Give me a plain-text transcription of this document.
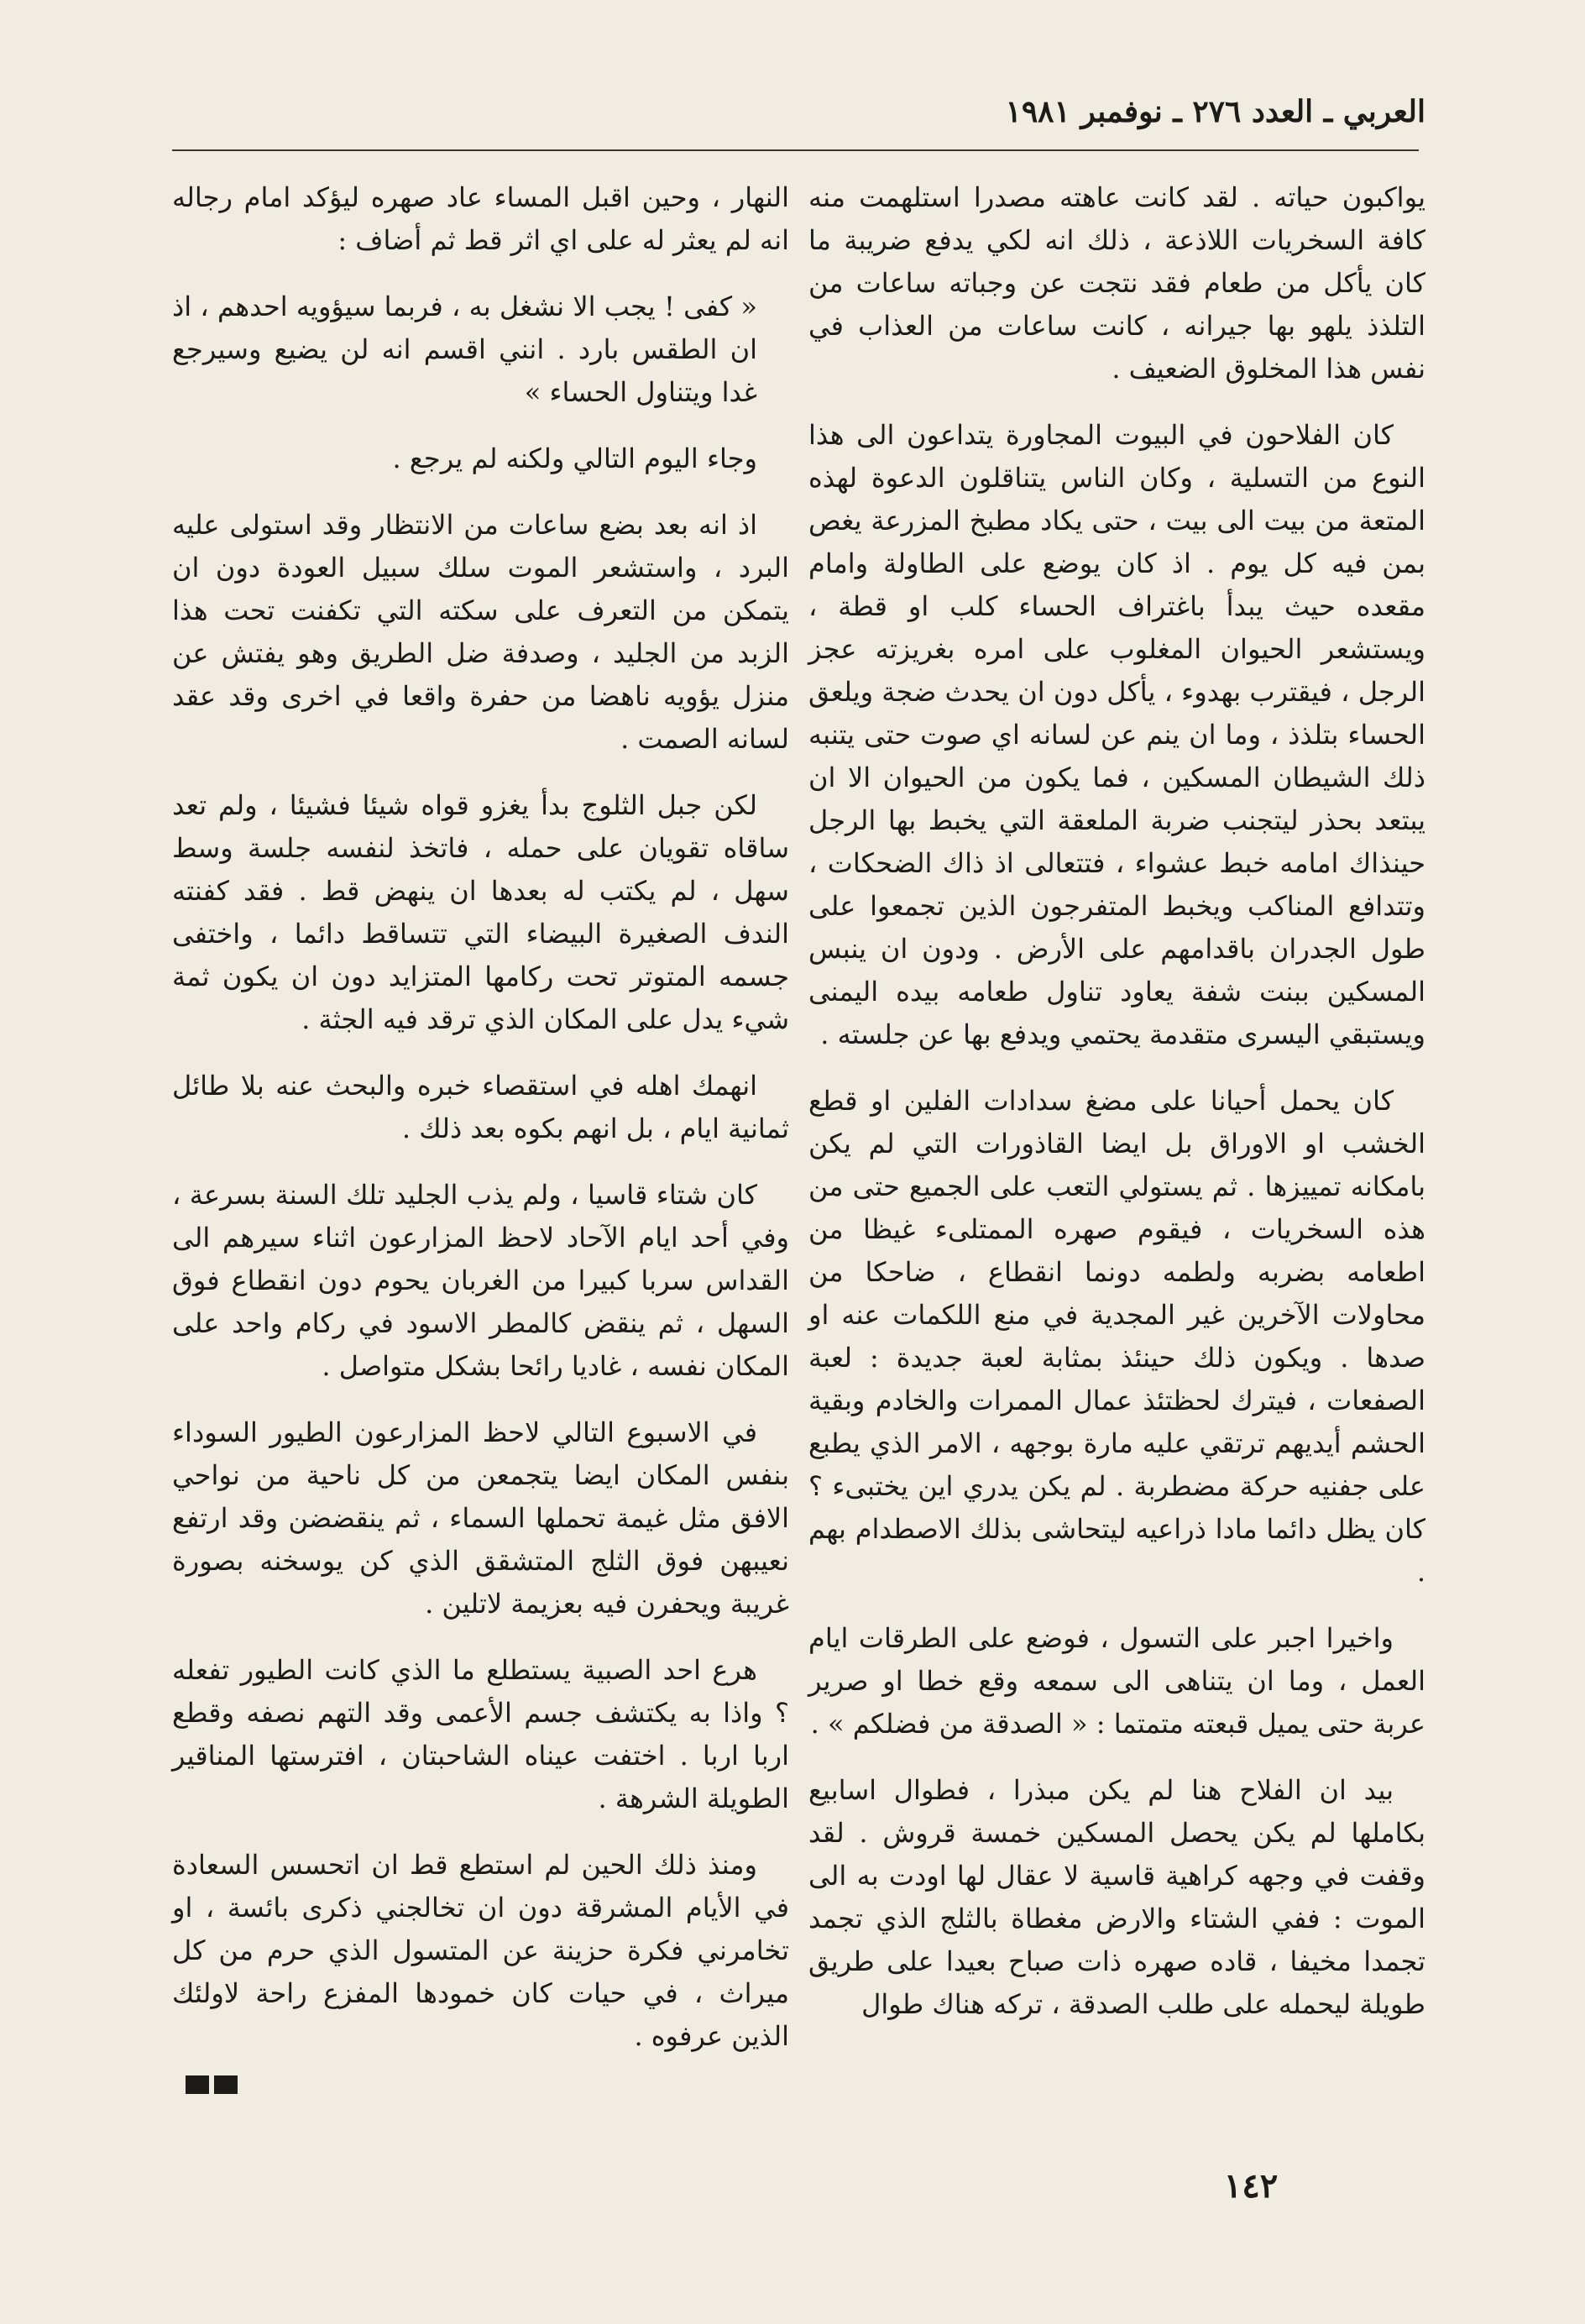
العربي ـ العدد ٢٧٦ ـ نوفمبر ١٩٨١

يواكبون حياته . لقد كانت عاهته مصدرا استلهمت منه كافة السخريات اللاذعة ، ذلك انه لكي يدفع ضريبة ما كان يأكل من طعام فقد نتجت عن وجباته ساعات من التلذذ يلهو بها جيرانه ، كانت ساعات من العذاب في نفس هذا المخلوق الضعيف .

كان الفلاحون في البيوت المجاورة يتداعون الى هذا النوع من التسلية ، وكان الناس يتناقلون الدعوة لهذه المتعة من بيت الى بيت ، حتى يكاد مطبخ المزرعة يغص بمن فيه كل يوم . اذ كان يوضع على الطاولة وامام مقعده حيث يبدأ باغتراف الحساء كلب او قطة ، ويستشعر الحيوان المغلوب على امره بغريزته عجز الرجل ، فيقترب بهدوء ، يأكل دون ان يحدث ضجة ويلعق الحساء بتلذذ ، وما ان ينم عن لسانه اي صوت حتى يتنبه ذلك الشيطان المسكين ، فما يكون من الحيوان الا ان يبتعد بحذر ليتجنب ضربة الملعقة التي يخبط بها الرجل حينذاك امامه خبط عشواء ، فتتعالى اذ ذاك الضحكات ، وتتدافع المناكب ويخبط المتفرجون الذين تجمعوا على طول الجدران باقدامهم على الأرض . ودون ان ينبس المسكين ببنت شفة يعاود تناول طعامه بيده اليمنى ويستبقي اليسرى متقدمة يحتمي ويدفع بها عن جلسته .

كان يحمل أحيانا على مضغ سدادات الفلين او قطع الخشب او الاوراق بل ايضا القاذورات التي لم يكن بامكانه تمييزها . ثم يستولي التعب على الجميع حتى من هذه السخريات ، فيقوم صهره الممتلىء غيظا من اطعامه بضربه ولطمه دونما انقطاع ، ضاحكا من محاولات الآخرين غير المجدية في منع اللكمات عنه او صدها . ويكون ذلك حينئذ بمثابة لعبة جديدة : لعبة الصفعات ، فيترك لحظتئذ عمال الممرات والخادم وبقية الحشم أيديهم ترتقي عليه مارة بوجهه ، الامر الذي يطبع على جفنيه حركة مضطربة . لم يكن يدري اين يختبىء ؟ كان يظل دائما مادا ذراعيه ليتحاشى بذلك الاصطدام بهم .

واخيرا اجبر على التسول ، فوضع على الطرقات ايام العمل ، وما ان يتناهى الى سمعه وقع خطا او صرير عربة حتى يميل قبعته متمتما : « الصدقة من فضلكم » .

بيد ان الفلاح هنا لم يكن مبذرا ، فطوال اسابيع بكاملها لم يكن يحصل المسكين خمسة قروش . لقد وقفت في وجهه كراهية قاسية لا عقال لها اودت به الى الموت : ففي الشتاء والارض مغطاة بالثلج الذي تجمد تجمدا مخيفا ، قاده صهره ذات صباح بعيدا على طريق طويلة ليحمله على طلب الصدقة ، تركه هناك طوال

النهار ، وحين اقبل المساء عاد صهره ليؤكد امام رجاله انه لم يعثر له على اي اثر قط ثم أضاف :

« كفى ! يجب الا نشغل به ، فربما سيؤويه احدهم ، اذ ان الطقس بارد . انني اقسم انه لن يضيع وسيرجع غدا ويتناول الحساء »

وجاء اليوم التالي ولكنه لم يرجع .

اذ انه بعد بضع ساعات من الانتظار وقد استولى عليه البرد ، واستشعر الموت سلك سبيل العودة دون ان يتمكن من التعرف على سكته التي تكفنت تحت هذا الزبد من الجليد ، وصدفة ضل الطريق وهو يفتش عن منزل يؤويه ناهضا من حفرة واقعا في اخرى وقد عقد لسانه الصمت .

لكن جبل الثلوج بدأ يغزو قواه شيئا فشيئا ، ولم تعد ساقاه تقويان على حمله ، فاتخذ لنفسه جلسة وسط سهل ، لم يكتب له بعدها ان ينهض قط . فقد كفنته الندف الصغيرة البيضاء التي تتساقط دائما ، واختفى جسمه المتوتر تحت ركامها المتزايد دون ان يكون ثمة شيء يدل على المكان الذي ترقد فيه الجثة .

انهمك اهله في استقصاء خبره والبحث عنه بلا طائل ثمانية ايام ، بل انهم بكوه بعد ذلك .

كان شتاء قاسيا ، ولم يذب الجليد تلك السنة بسرعة ، وفي أحد ايام الآحاد لاحظ المزارعون اثناء سيرهم الى القداس سربا كبيرا من الغربان يحوم دون انقطاع فوق السهل ، ثم ينقض كالمطر الاسود في ركام واحد على المكان نفسه ، غاديا رائحا بشكل متواصل .

في الاسبوع التالي لاحظ المزارعون الطيور السوداء بنفس المكان ايضا يتجمعن من كل ناحية من نواحي الافق مثل غيمة تحملها السماء ، ثم ينقضضن وقد ارتفع نعيبهن فوق الثلج المتشقق الذي كن يوسخنه بصورة غريبة ويحفرن فيه بعزيمة لاتلين .

هرع احد الصبية يستطلع ما الذي كانت الطيور تفعله ؟ واذا به يكتشف جسم الأعمى وقد التهم نصفه وقطع اربا اربا . اختفت عيناه الشاحبتان ، افترستها المناقير الطويلة الشرهة .

ومنذ ذلك الحين لم استطع قط ان اتحسس السعادة في الأيام المشرقة دون ان تخالجني ذكرى بائسة ، او تخامرني فكرة حزينة عن المتسول الذي حرم من كل ميراث ، في حيات كان خمودها المفزع راحة لاولئك الذين عرفوه .

١٤٢
